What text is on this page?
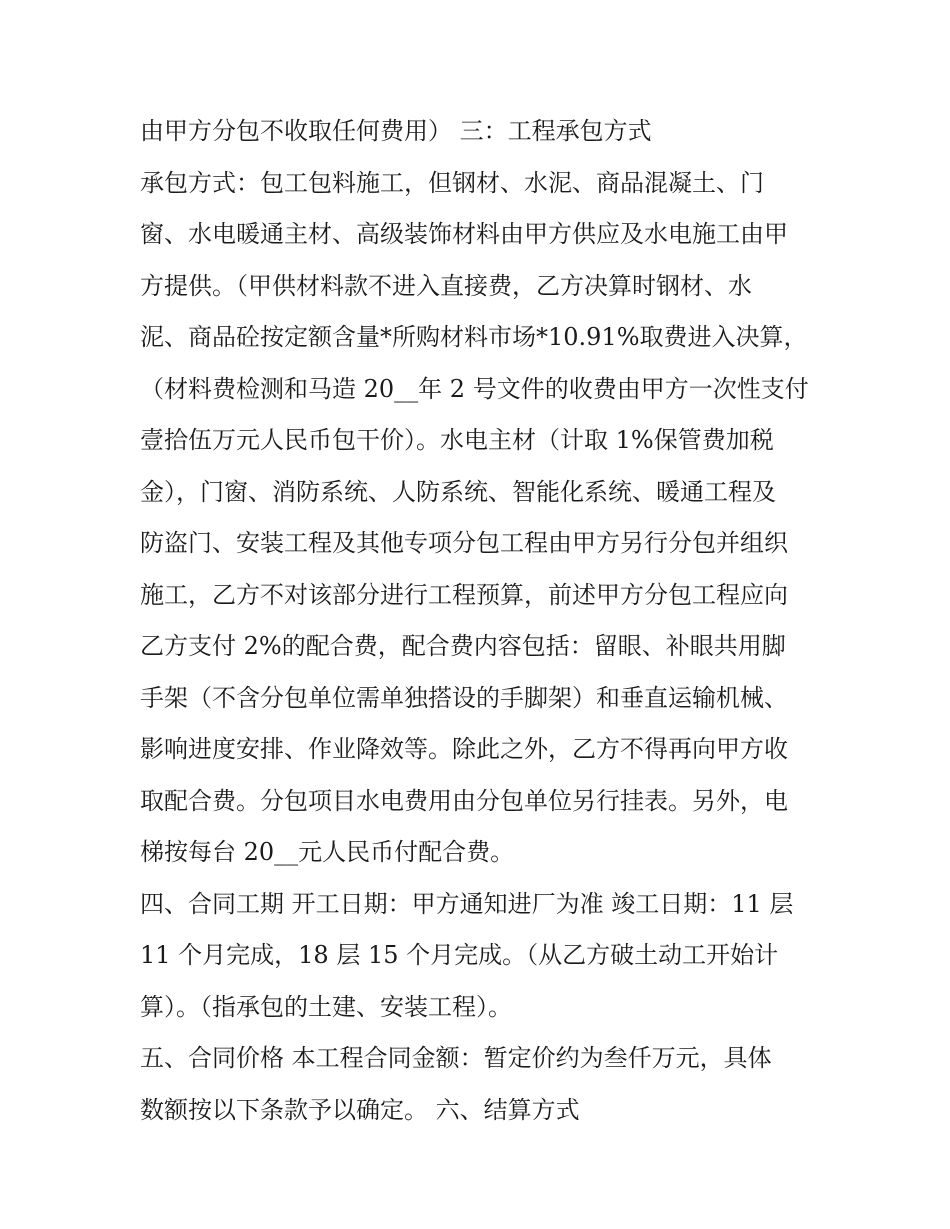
由甲方分包不收取任何费用） 三：工程承包方式
承包方式：包工包料施工，但钢材、水泥、商品混凝土、门
窗、水电暖通主材、高级装饰材料由甲方供应及水电施工由甲
方提供。（甲供材料款不进入直接费，乙方决算时钢材、水
泥、商品砼按定额含量*所购材料市场*10.91%取费进入决算，
（材料费检测和马造 20__年 2 号文件的收费由甲方一次性支付
壹拾伍万元人民币包干价）。水电主材（计取 1%保管费加税
金），门窗、消防系统、人防系统、智能化系统、暖通工程及
防盗门、安装工程及其他专项分包工程由甲方另行分包并组织
施工，乙方不对该部分进行工程预算，前述甲方分包工程应向
乙方支付 2%的配合费，配合费内容包括：留眼、补眼共用脚
手架（不含分包单位需单独搭设的手脚架）和垂直运输机械、
影响进度安排、作业降效等。除此之外，乙方不得再向甲方收
取配合费。分包项目水电费用由分包单位另行挂表。另外，电
梯按每台 20__元人民币付配合费。
四、合同工期 开工日期：甲方通知进厂为准 竣工日期：11 层
11 个月完成，18 层 15 个月完成。（从乙方破土动工开始计
算）。（指承包的土建、安装工程）。
五、合同价格 本工程合同金额：暂定价约为叁仟万元，具体
数额按以下条款予以确定。 六、结算方式
